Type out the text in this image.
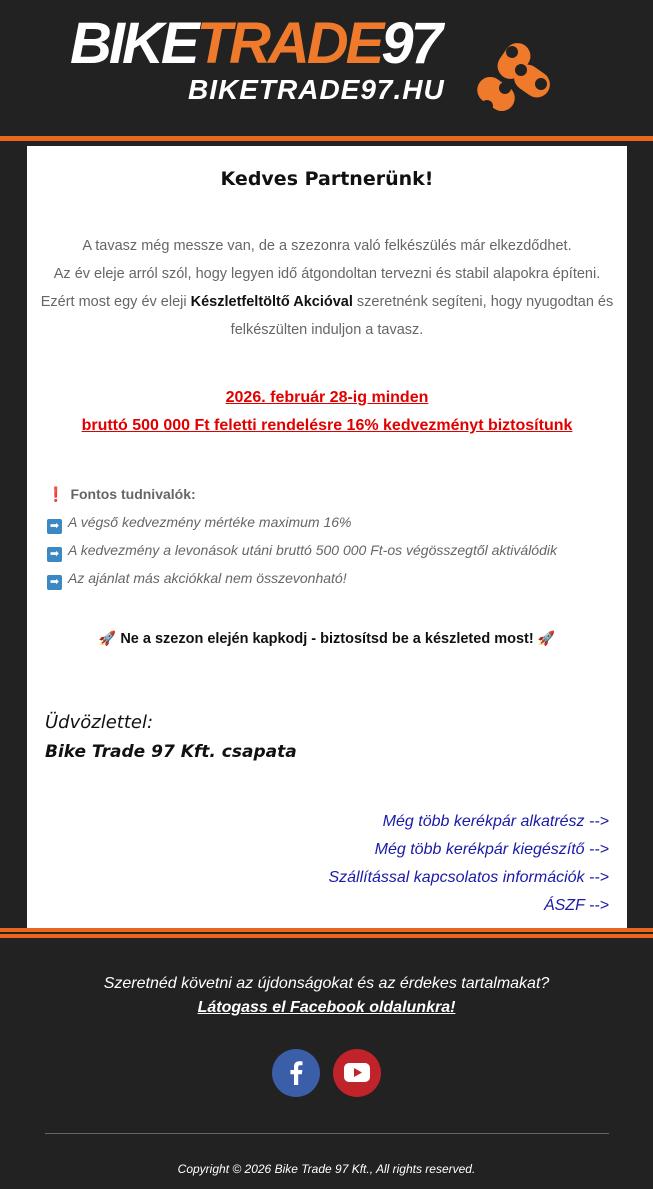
BIKETRADE97
BIKETRADE97.HU
Kedves Partnerünk!
A tavasz még messze van, de a szezonra való felkészülés már elkezdődhet.
Az év eleje arról szól, hogy legyen idő átgondoltan tervezni és stabil alapokra építeni.
Ezért most egy év eleji Készletfeltöltő Akcióval szeretnénk segíteni, hogy nyugodtan és felkészülten induljon a tavasz.
2026. február 28-ig minden
bruttó 500 000 Ft feletti rendelésre 16% kedvezményt biztosítunk
❗ Fontos tudnivalók:
➡ A végső kedvezmény mértéke maximum 16%
➡ A kedvezmény a levonások utáni bruttó 500 000 Ft-os végösszegtől aktiválódik
➡ Az ajánlat más akciókkal nem összevonható!
🚀 Ne a szezon elején kapkodj - biztosítsd be a készleted most! 🚀
Üdvözlettel:
Bike Trade 97 Kft. csapata
Még több kerékpár alkatrész -->
Még több kerékpár kiegészítő -->
Szállítással kapcsolatos információk -->
ÁSZF -->
Szeretnéd követni az újdonságokat és az érdekes tartalmakat?
Látogass el Facebook oldalunkra!

Copyright © 2026 Bike Trade 97 Kft., All rights reserved.
